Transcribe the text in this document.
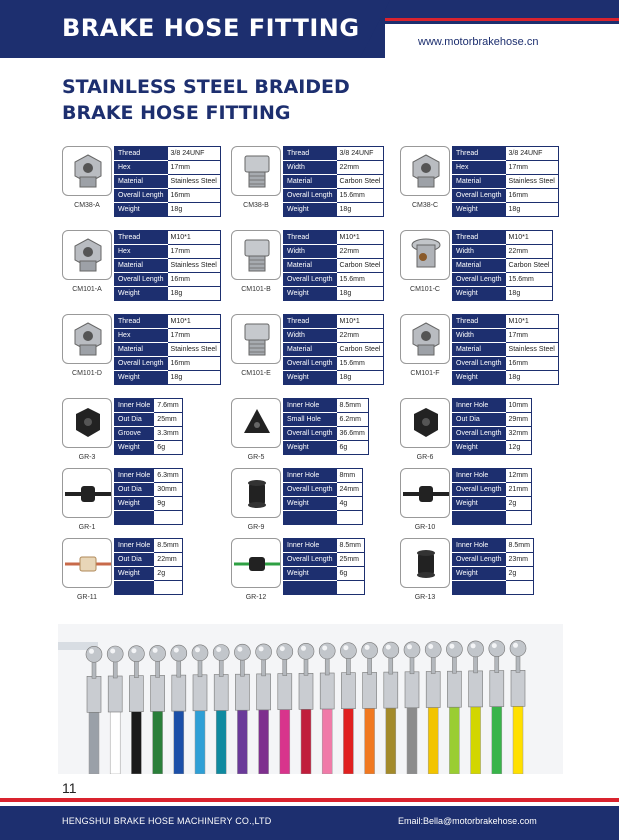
BRAKE HOSE FITTING	www.motorbrakehose.cn
STAINLESS STEEL BRAIDED
BRAKE HOSE FITTING
CM38-A
Thread	3/8 24UNF
Hex	17mm
Material	Stainless Steel
Overall Length	16mm
Weight	18g
CM38-B
Thread	3/8 24UNF
Width	22mm
Material	Carbon Steel
Overall Length	15.6mm
Weight	18g
CM38-C
Thread	3/8 24UNF
Hex	17mm
Material	Stainless Steel
Overall Length	16mm
Weight	18g
CM101-A
Thread	M10*1
Hex	17mm
Material	Stainless Steel
Overall Length	16mm
Weight	18g
CM101-B
Thread	M10*1
Width	22mm
Material	Carbon Steel
Overall Length	15.6mm
Weight	18g
CM101-C
Thread	M10*1
Width	22mm
Material	Carbon Steel
Overall Length	15.6mm
Weight	18g
CM101-D
Thread	M10*1
Hex	17mm
Material	Stainless Steel
Overall Length	16mm
Weight	18g
CM101-E
Thread	M10*1
Width	22mm
Material	Carbon Steel
Overall Length	15.6mm
Weight	18g
CM101-F
Thread	M10*1
Width	17mm
Material	Stainless Steel
Overall Length	16mm
Weight	18g
GR-3
Inner Hole	7.6mm
Out Dia	25mm
Groove	3.3mm
Weight	6g
GR-5
Inner Hole	8.5mm
Small Hole	6.2mm
Overall Length	36.6mm
Weight	6g
GR-6
Inner Hole	10mm
Out Dia	29mm
Overall Length	32mm
Weight	12g
GR-1
Inner Hole	6.3mm
Out Dia	30mm
Weight	9g

GR-9
Inner Hole	8mm
Overall Length	24mm
Weight	4g

GR-10
Inner Hole	12mm
Overall Length	21mm
Weight	2g

GR-11
Inner Hole	8.5mm
Out Dia	22mm
Weight	2g

GR-12
Inner Hole	8.5mm
Overall Length	25mm
Weight	6g

GR-13
Inner Hole	8.5mm
Overall Length	23mm
Weight	2g

11
HENGSHUI BRAKE HOSE MACHINERY CO.,LTD	Email:Bella@motorbrakehose.com
